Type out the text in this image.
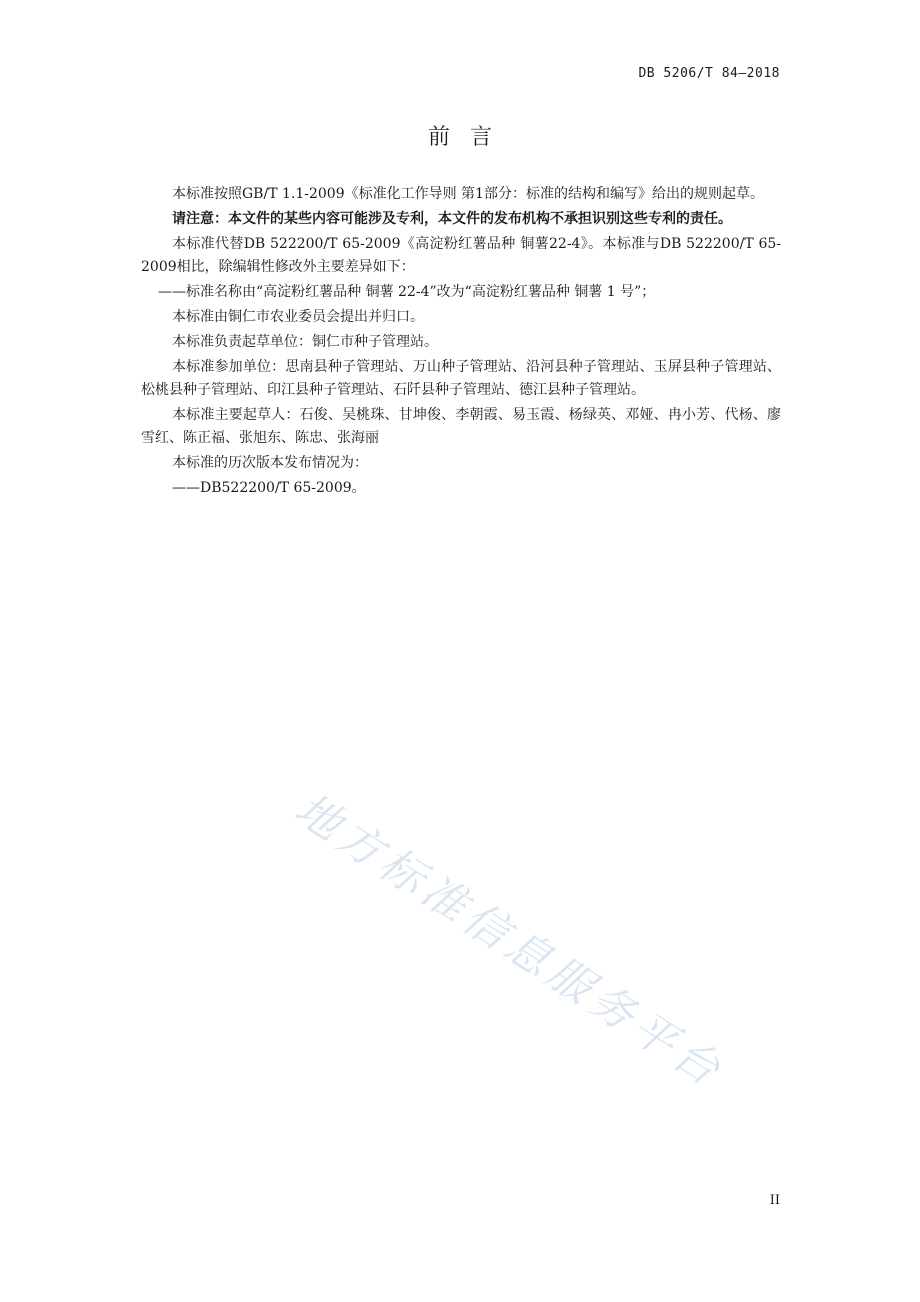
DB 5206/T 84—2018
前言

本标准按照GB/T 1.1-2009《标准化工作导则 第1部分：标准的结构和编写》给出的规则起草。

请注意：本文件的某些内容可能涉及专利，本文件的发布机构不承担识别这些专利的责任。

本标准代替DB 522200/T 65-2009《高淀粉红薯品种 铜薯22-4》。本标准与DB 522200/T 65-2009相比，除编辑性修改外主要差异如下：

——标准名称由“高淀粉红薯品种 铜薯 22-4”改为“高淀粉红薯品种 铜薯 1 号”；

本标准由铜仁市农业委员会提出并归口。

本标准负责起草单位：铜仁市种子管理站。

本标准参加单位：思南县种子管理站、万山种子管理站、沿河县种子管理站、玉屏县种子管理站、 松桃县种子管理站、印江县种子管理站、石阡县种子管理站、德江县种子管理站。

本标准主要起草人：石俊、吴桃珠、甘坤俊、李朝霞、易玉霞、杨绿英、邓娅、冉小芳、代杨、廖雪红、陈正福、张旭东、陈忠、张海丽

本标准的历次版本发布情况为：

——DB522200/T 65-2009。

地方标准信息服务平台
II
